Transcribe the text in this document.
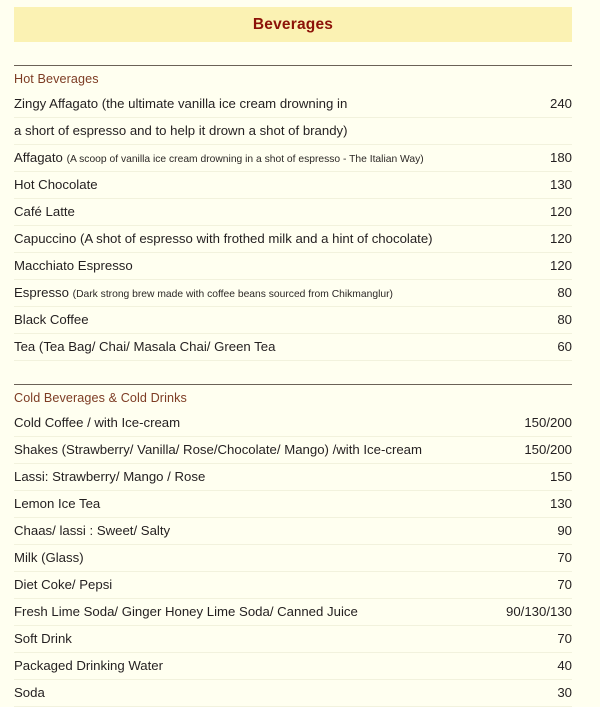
Beverages
Hot Beverages
Zingy Affagato (the ultimate vanilla ice cream drowning in	240
a short of espresso and to help it drown a shot of brandy)
Affagato (A scoop of vanilla ice cream drowning in a shot of espresso - The Italian Way)	180
Hot Chocolate	130
Café Latte	120
Capuccino (A shot of espresso with frothed milk and a hint of chocolate)	120
Macchiato Espresso	120
Espresso (Dark strong brew made with coffee beans sourced from Chikmanglur)	80
Black Coffee	80
Tea (Tea Bag/ Chai/ Masala Chai/ Green Tea	60
Cold Beverages & Cold Drinks
Cold Coffee / with Ice-cream	150/200
Shakes (Strawberry/ Vanilla/ Rose/Chocolate/ Mango) /with Ice-cream	150/200
Lassi: Strawberry/ Mango / Rose	150
Lemon Ice Tea	130
Chaas/ lassi : Sweet/ Salty	90
Milk (Glass)	70
Diet Coke/ Pepsi	70
Fresh Lime Soda/ Ginger Honey Lime Soda/ Canned Juice	90/130/130
Soft Drink	70
Packaged Drinking Water	40
Soda	30
